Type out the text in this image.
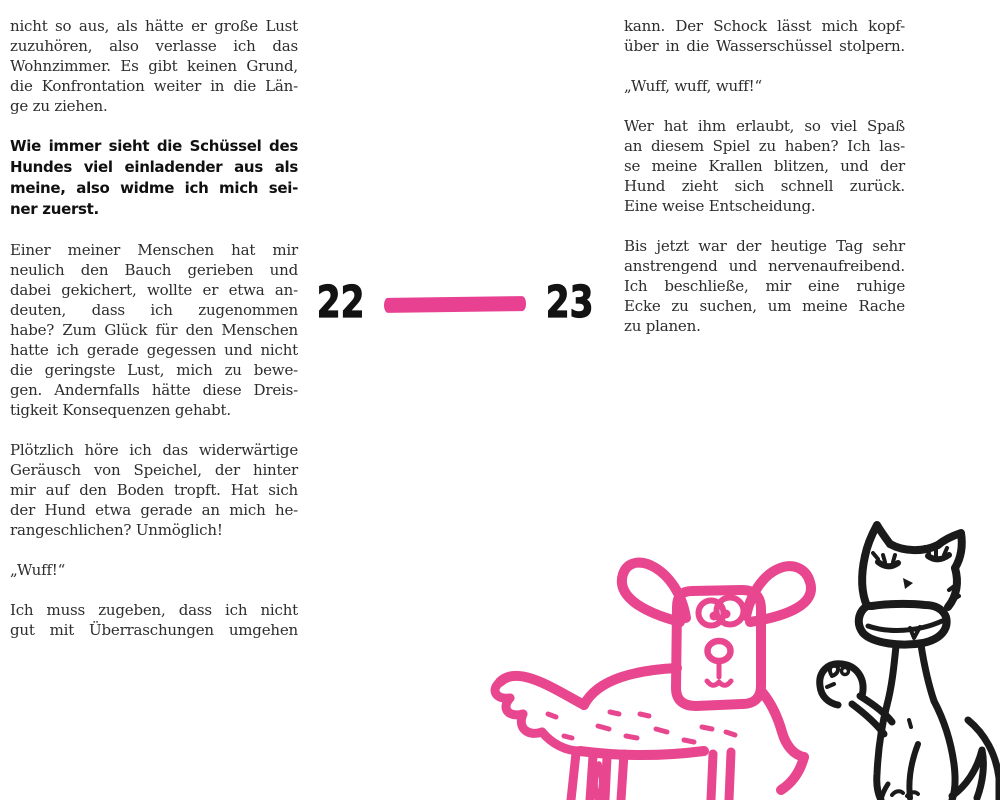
nicht so aus, als hätte er große Lust
zuzuhören, also verlasse ich das
Wohnzimmer. Es gibt keinen Grund,
die Konfrontation weiter in die Län-
ge zu ziehen.
Wie immer sieht die Schüssel des
Hundes viel einladender aus als
meine, also widme ich mich sei-
ner zuerst.
Einer meiner Menschen hat mir
neulich den Bauch gerieben und
dabei gekichert, wollte er etwa an-
deuten, dass ich zugenommen
habe? Zum Glück für den Menschen
hatte ich gerade gegessen und nicht
die geringste Lust, mich zu bewe-
gen. Andernfalls hätte diese Dreis-
tigkeit Konsequenzen gehabt.
Plötzlich höre ich das widerwärtige
Geräusch von Speichel, der hinter
mir auf den Boden tropft. Hat sich
der Hund etwa gerade an mich he-
rangeschlichen? Unmöglich!
„Wuff!“
Ich muss zugeben, dass ich nicht
gut mit Überraschungen umgehen
kann. Der Schock lässt mich kopf-
über in die Wasserschüssel stolpern.
„Wuff, wuff, wuff!“
Wer hat ihm erlaubt, so viel Spaß
an diesem Spiel zu haben? Ich las-
se meine Krallen blitzen, und der
Hund zieht sich schnell zurück.
Eine weise Entscheidung.
Bis jetzt war der heutige Tag sehr
anstrengend und nervenaufreibend.
Ich beschließe, mir eine ruhige
Ecke zu suchen, um meine Rache
zu planen.
22	23
